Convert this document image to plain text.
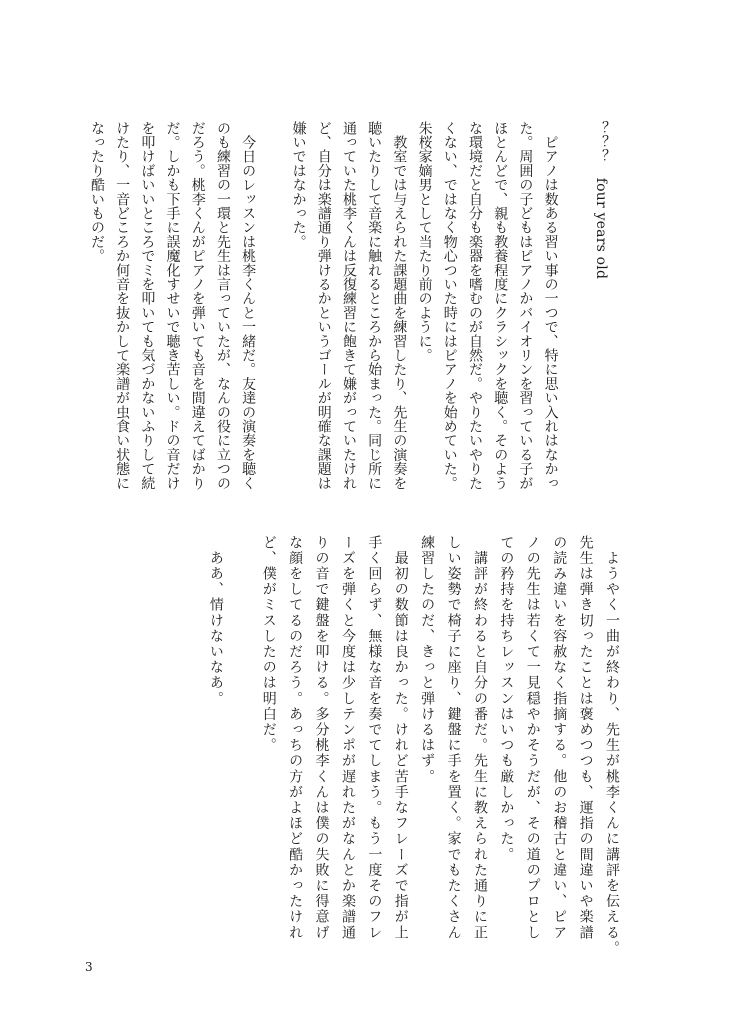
？？？　four years old
　ピアノは数ある習い事の一つで、特に思い入れはなかっ
た。周囲の子どもはピアノかバイオリンを習っている子が
ほとんどで、親も教養程度にクラシックを聴く。そのよう
な環境だと自分も楽器を嗜むのが自然だ。やりたいやりた
くない、ではなく物心ついた時にはピアノを始めていた。
朱桜家嫡男として当たり前のように。
　教室では与えられた課題曲を練習したり、先生の演奏を
聴いたりして音楽に触れるところから始まった。同じ所に
通っていた桃李くんは反復練習に飽きて嫌がっていたけれ
ど、自分は楽譜通り弾けるかというゴールが明確な課題は
嫌いではなかった。
　今日のレッスンは桃李くんと一緒だ。友達の演奏を聴く
のも練習の一環と先生は言っていたが、なんの役に立つの
だろう。桃李くんがピアノを弾いても音を間違えてばかり
だ。しかも下手に誤魔化すせいで聴き苦しい。ドの音だけ
を叩けばいいところでミを叩いても気づかないふりして続
けたり、一音どころか何音を抜かして楽譜が虫食い状態に
なったり酷いものだ。
　ようやく一曲が終わり、先生が桃李くんに講評を伝える。
先生は弾き切ったことは褒めつつも、運指の間違いや楽譜
の読み違いを容赦なく指摘する。他のお稽古と違い、ピア
ノの先生は若くて一見穏やかそうだが、その道のプロとし
ての矜持を持ちレッスンはいつも厳しかった。
　講評が終わると自分の番だ。先生に教えられた通りに正
しい姿勢で椅子に座り、鍵盤に手を置く。家でもたくさん
練習したのだ、きっと弾けるはず。
　最初の数節は良かった。けれど苦手なフレーズで指が上
手く回らず、無様な音を奏でてしまう。もう一度そのフレ
ーズを弾くと今度は少しテンポが遅れたがなんとか楽譜通
りの音で鍵盤を叩ける。多分桃李くんは僕の失敗に得意げ
な顔をしてるのだろう。あっちの方がよほど酷かったけれ
ど、僕がミスしたのは明白だ。
　ああ、情けないなあ。
3
